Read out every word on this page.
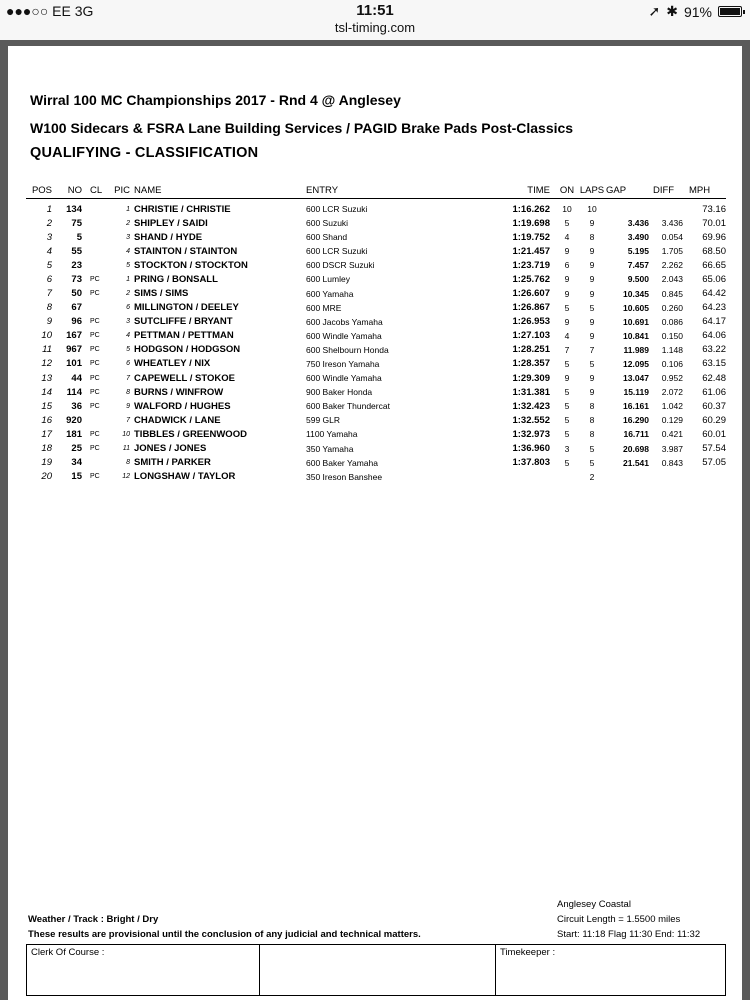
●●●○○ EE 3G	11:51
tsl-timing.com
➚ ✱ 91%
Wirral 100 MC Championships 2017 - Rnd 4 @ Anglesey
W100 Sidecars & FSRA Lane Building Services / PAGID Brake Pads Post-Classics
QUALIFYING - CLASSIFICATION
POS	NO	CL	PIC	NAME	ENTRY	TIME	ON	LAPS	GAP	DIFF	MPH
1	134		1	CHRISTIE / CHRISTIE	600 LCR Suzuki	1:16.262	10	10			73.16
2	75		2	SHIPLEY / SAIDI	600 Suzuki	1:19.698	5	9	3.436	3.436	70.01
3	5		3	SHAND / HYDE	600 Shand	1:19.752	4	8	3.490	0.054	69.96
4	55		4	STAINTON / STAINTON	600 LCR Suzuki	1:21.457	9	9	5.195	1.705	68.50
5	23		5	STOCKTON / STOCKTON	600 DSCR Suzuki	1:23.719	6	9	7.457	2.262	66.65
6	73	PC	1	PRING / BONSALL	600 Lumley	1:25.762	9	9	9.500	2.043	65.06
7	50	PC	2	SIMS / SIMS	600 Yamaha	1:26.607	9	9	10.345	0.845	64.42
8	67		6	MILLINGTON / DEELEY	600 MRE	1:26.867	5	5	10.605	0.260	64.23
9	96	PC	3	SUTCLIFFE / BRYANT	600 Jacobs Yamaha	1:26.953	9	9	10.691	0.086	64.17
10	167	PC	4	PETTMAN / PETTMAN	600 Windle Yamaha	1:27.103	4	9	10.841	0.150	64.06
11	967	PC	5	HODGSON / HODGSON	600 Shelbourn Honda	1:28.251	7	7	11.989	1.148	63.22
12	101	PC	6	WHEATLEY / NIX	750 Ireson Yamaha	1:28.357	5	5	12.095	0.106	63.15
13	44	PC	7	CAPEWELL / STOKOE	600 Windle Yamaha	1:29.309	9	9	13.047	0.952	62.48
14	114	PC	8	BURNS / WINFROW	900 Baker Honda	1:31.381	5	9	15.119	2.072	61.06
15	36	PC	9	WALFORD / HUGHES	600 Baker Thundercat	1:32.423	5	8	16.161	1.042	60.37
16	920		7	CHADWICK / LANE	599 GLR	1:32.552	5	8	16.290	0.129	60.29
17	181	PC	10	TIBBLES / GREENWOOD	1100 Yamaha	1:32.973	5	8	16.711	0.421	60.01
18	25	PC	11	JONES / JONES	350 Yamaha	1:36.960	3	5	20.698	3.987	57.54
19	34		8	SMITH / PARKER	600 Baker Yamaha	1:37.803	5	5	21.541	0.843	57.05
20	15	PC	12	LONGSHAW / TAYLOR	350 Ireson Banshee			2			
Anglesey Coastal
Circuit Length = 1.5500 miles
Start: 11:18 Flag 11:30 End: 11:32
Weather / Track : Bright / Dry
These results are provisional until the conclusion of any judicial and technical matters.
Clerk Of Course :	Timekeeper :
